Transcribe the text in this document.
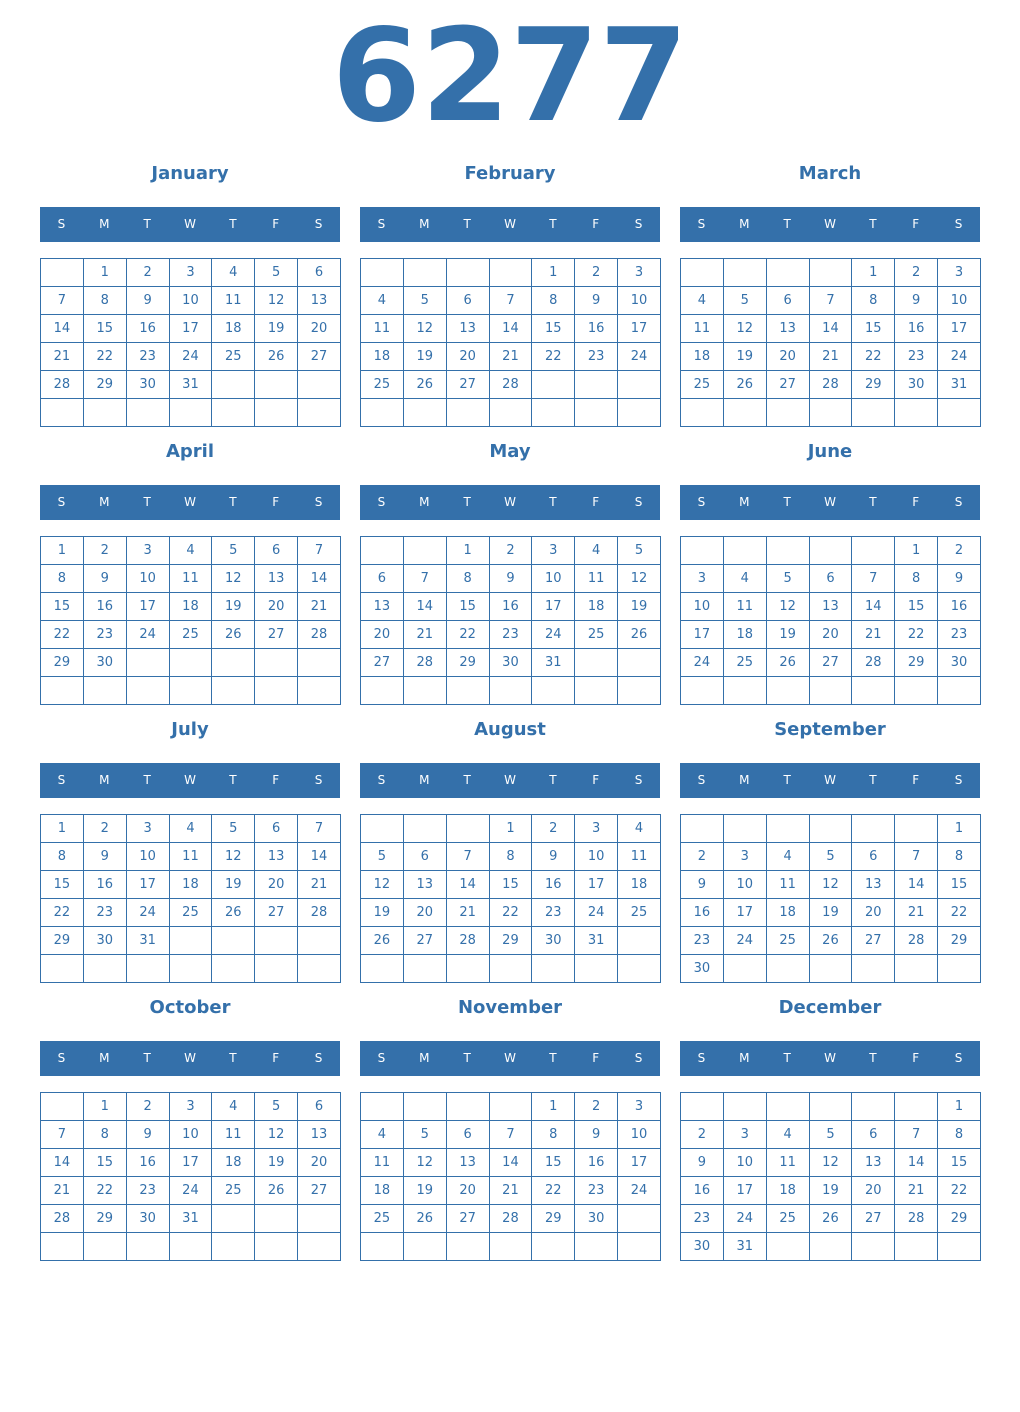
6277
January
S	M	T	W	T	F	S
	1	2	3	4	5	6
7	8	9	10	11	12	13
14	15	16	17	18	19	20
21	22	23	24	25	26	27
28	29	30	31			

February
S	M	T	W	T	F	S
				1	2	3
4	5	6	7	8	9	10
11	12	13	14	15	16	17
18	19	20	21	22	23	24
25	26	27	28			

March
S	M	T	W	T	F	S
				1	2	3
4	5	6	7	8	9	10
11	12	13	14	15	16	17
18	19	20	21	22	23	24
25	26	27	28	29	30	31

April
S	M	T	W	T	F	S
1	2	3	4	5	6	7
8	9	10	11	12	13	14
15	16	17	18	19	20	21
22	23	24	25	26	27	28
29	30					

May
S	M	T	W	T	F	S
		1	2	3	4	5
6	7	8	9	10	11	12
13	14	15	16	17	18	19
20	21	22	23	24	25	26
27	28	29	30	31		

June
S	M	T	W	T	F	S
					1	2
3	4	5	6	7	8	9
10	11	12	13	14	15	16
17	18	19	20	21	22	23
24	25	26	27	28	29	30

July
S	M	T	W	T	F	S
1	2	3	4	5	6	7
8	9	10	11	12	13	14
15	16	17	18	19	20	21
22	23	24	25	26	27	28
29	30	31				

August
S	M	T	W	T	F	S
			1	2	3	4
5	6	7	8	9	10	11
12	13	14	15	16	17	18
19	20	21	22	23	24	25
26	27	28	29	30	31	

September
S	M	T	W	T	F	S
						1
2	3	4	5	6	7	8
9	10	11	12	13	14	15
16	17	18	19	20	21	22
23	24	25	26	27	28	29
30						
October
S	M	T	W	T	F	S
	1	2	3	4	5	6
7	8	9	10	11	12	13
14	15	16	17	18	19	20
21	22	23	24	25	26	27
28	29	30	31			

November
S	M	T	W	T	F	S
				1	2	3
4	5	6	7	8	9	10
11	12	13	14	15	16	17
18	19	20	21	22	23	24
25	26	27	28	29	30	

December
S	M	T	W	T	F	S
						1
2	3	4	5	6	7	8
9	10	11	12	13	14	15
16	17	18	19	20	21	22
23	24	25	26	27	28	29
30	31					
